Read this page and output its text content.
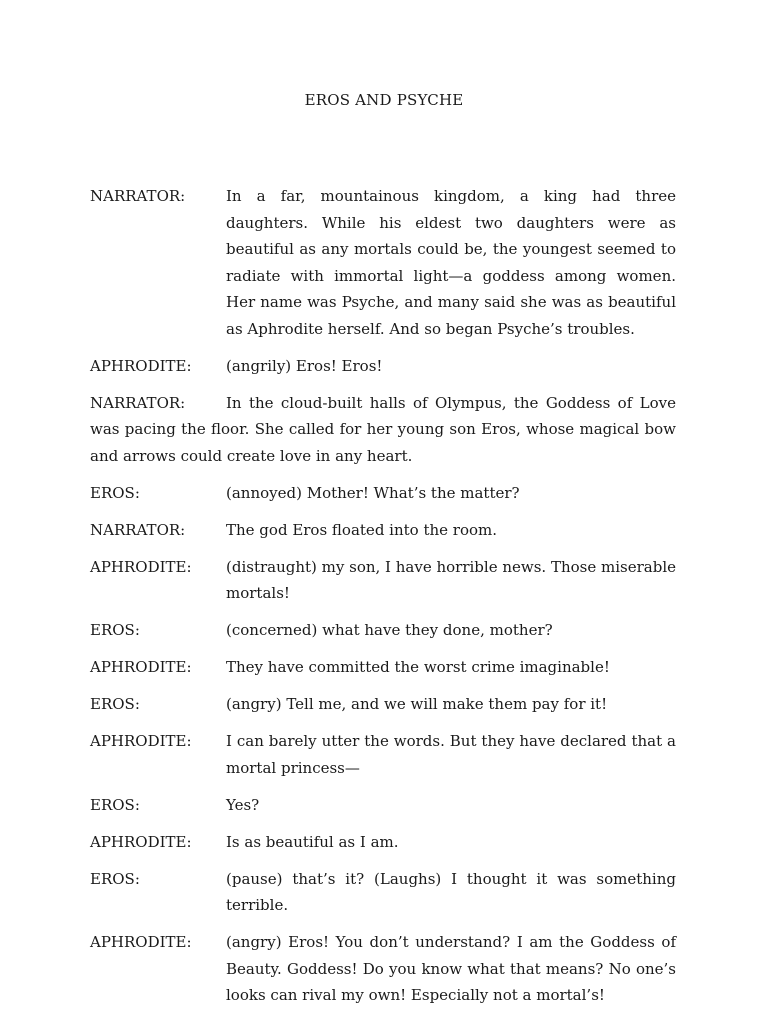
EROS AND PSYCHE
NARRATOR:	In a far, mountainous kingdom, a king had three daughters. While his eldest two daughters were as beautiful as any mortals could be, the youngest seemed to radiate with immortal light—a goddess among women. Her name was Psyche, and many said she was as beautiful as Aphrodite herself. And so began Psyche’s troubles.
APHRODITE:	(angrily) Eros! Eros!
NARRATOR:	In the cloud-built halls of Olympus, the Goddess of Love was pacing the floor. She called for her young son Eros, whose magical bow and arrows could create love in any heart.
EROS:	(annoyed) Mother! What’s the matter?
NARRATOR:	The god Eros floated into the room.
APHRODITE:	(distraught) my son, I have horrible news. Those miserable mortals!
EROS:	(concerned) what have they done, mother?
APHRODITE:	They have committed the worst crime imaginable!
EROS:	(angry) Tell me, and we will make them pay for it!
APHRODITE:	I can barely utter the words. But they have declared that a mortal princess—
EROS:	Yes?
APHRODITE:	Is as beautiful as I am.
EROS:	(pause) that’s it? (Laughs) I thought it was something terrible.
APHRODITE:	(angry) Eros! You don’t understand? I am the Goddess of Beauty. Goddess! Do you know what that means? No one’s looks can rival my own! Especially not a mortal’s!
